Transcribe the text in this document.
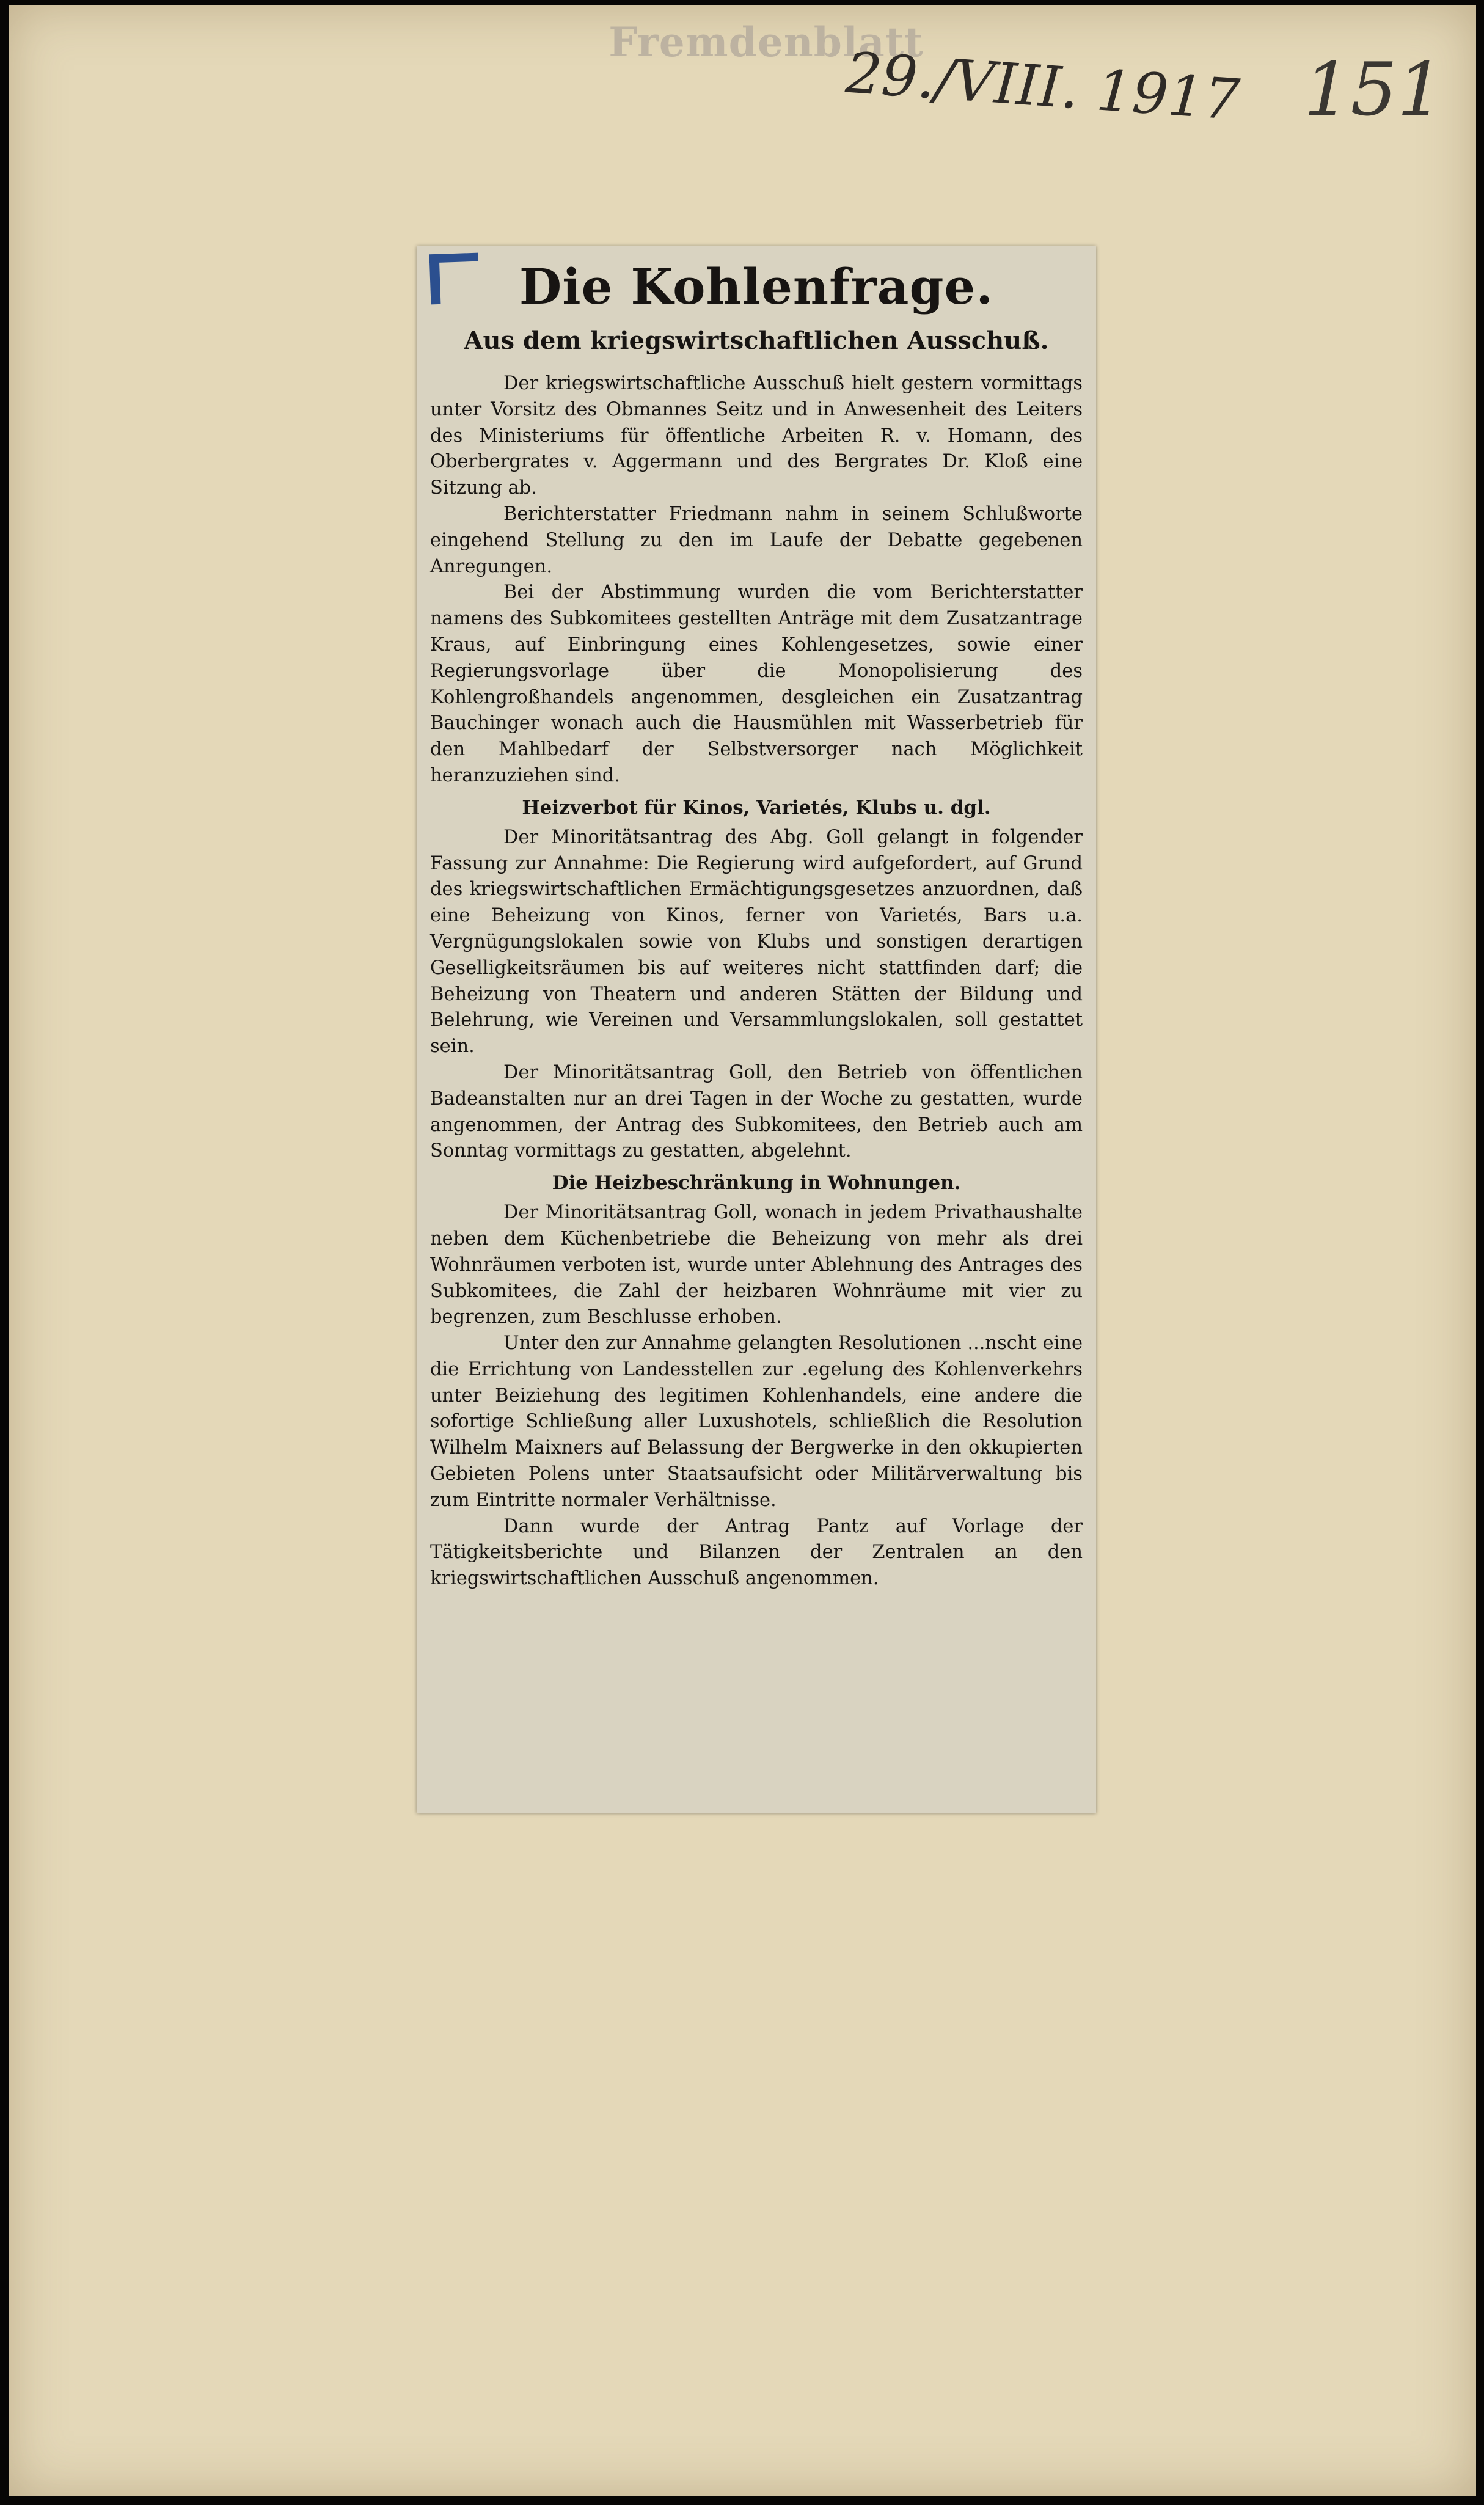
Fremdenblatt
29./VIII. 1917 151
Die Kohlenfrage.
Aus dem kriegswirtschaftlichen Ausschuß.

Der kriegswirtschaftliche Ausschuß hielt gestern vormittags unter Vorsitz des Obmannes Seitz und in Anwesenheit des Leiters des Ministeriums für öffentliche Arbeiten R. v. Homann, des Oberbergrates v. Aggermann und des Bergrates Dr. Kloß eine Sitzung ab.

Berichterstatter Friedmann nahm in seinem Schlußworte eingehend Stellung zu den im Laufe der Debatte gegebenen Anregungen.

Bei der Abstimmung wurden die vom Berichterstatter namens des Subkomitees gestellten Anträge mit dem Zusatzantrage Kraus, auf Einbringung eines Kohlengesetzes, sowie einer Regierungsvorlage über die Monopolisierung des Kohlengroßhandels angenommen, desgleichen ein Zusatzantrag Bauchinger wonach auch die Hausmühlen mit Wasserbetrieb für den Mahlbedarf der Selbstversorger nach Möglichkeit heranzuziehen sind.

Heizverbot für Kinos, Varietés, Klubs u. dgl.

Der Minoritätsantrag des Abg. Goll gelangt in folgender Fassung zur Annahme: Die Regierung wird aufgefordert, auf Grund des kriegswirtschaftlichen Ermächtigungsgesetzes anzuordnen, daß eine Beheizung von Kinos, ferner von Varietés, Bars u.a. Vergnügungslokalen sowie von Klubs und sonstigen derartigen Geselligkeitsräumen bis auf weiteres nicht stattfinden darf; die Beheizung von Theatern und anderen Stätten der Bildung und Belehrung, wie Vereinen und Versammlungslokalen, soll gestattet sein.

Der Minoritätsantrag Goll, den Betrieb von öffentlichen Badeanstalten nur an drei Tagen in der Woche zu gestatten, wurde angenommen, der Antrag des Subkomitees, den Betrieb auch am Sonntag vormittags zu gestatten, abgelehnt.

Die Heizbeschränkung in Wohnungen.

Der Minoritätsantrag Goll, wonach in jedem Privathaushalte neben dem Küchenbetriebe die Beheizung von mehr als drei Wohnräumen verboten ist, wurde unter Ablehnung des Antrages des Subkomitees, die Zahl der heizbaren Wohnräume mit vier zu begrenzen, zum Beschlusse erhoben.

Unter den zur Annahme gelangten Resolutionen ...nscht eine die Errichtung von Landesstellen zur .egelung des Kohlenverkehrs unter Beiziehung des legitimen Kohlenhandels, eine andere die sofortige Schließung aller Luxushotels, schließlich die Resolution Wilhelm Maixners auf Belassung der Bergwerke in den okkupierten Gebieten Polens unter Staatsaufsicht oder Militärverwaltung bis zum Eintritte normaler Verhältnisse.

Dann wurde der Antrag Pantz auf Vorlage der Tätigkeitsberichte und Bilanzen der Zentralen an den kriegswirtschaftlichen Ausschuß angenommen.
